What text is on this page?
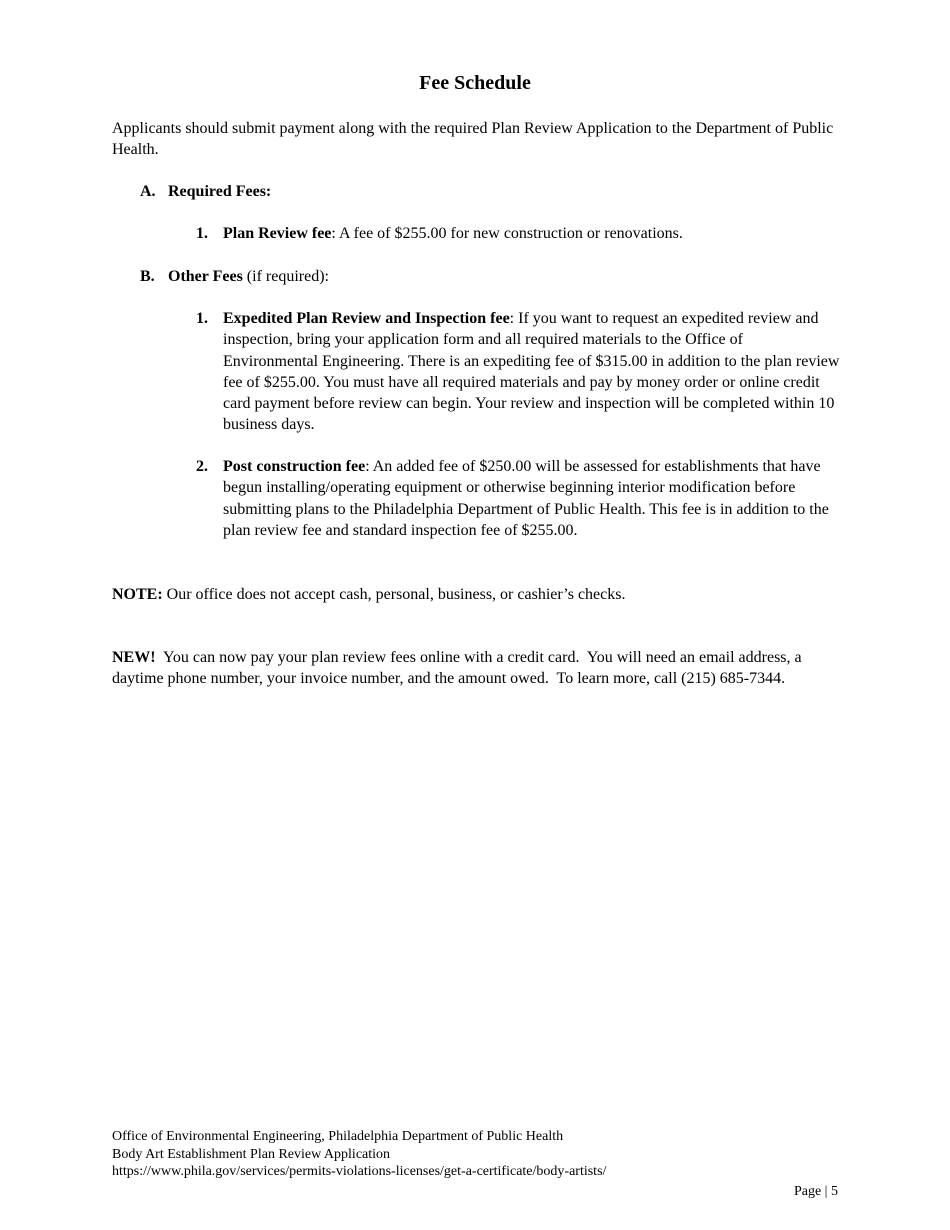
Fee Schedule
Applicants should submit payment along with the required Plan Review Application to the Department of Public Health.
A. Required Fees:
1. Plan Review fee: A fee of $255.00 for new construction or renovations.
B. Other Fees (if required):
1. Expedited Plan Review and Inspection fee: If you want to request an expedited review and inspection, bring your application form and all required materials to the Office of Environmental Engineering. There is an expediting fee of $315.00 in addition to the plan review fee of $255.00. You must have all required materials and pay by money order or online credit card payment before review can begin. Your review and inspection will be completed within 10 business days.
2. Post construction fee: An added fee of $250.00 will be assessed for establishments that have begun installing/operating equipment or otherwise beginning interior modification before submitting plans to the Philadelphia Department of Public Health. This fee is in addition to the plan review fee and standard inspection fee of $255.00.
NOTE: Our office does not accept cash, personal, business, or cashier’s checks.
NEW!  You can now pay your plan review fees online with a credit card.  You will need an email address, a daytime phone number, your invoice number, and the amount owed.  To learn more, call (215) 685-7344.
Office of Environmental Engineering, Philadelphia Department of Public Health
Body Art Establishment Plan Review Application
https://www.phila.gov/services/permits-violations-licenses/get-a-certificate/body-artists/
Page | 5
